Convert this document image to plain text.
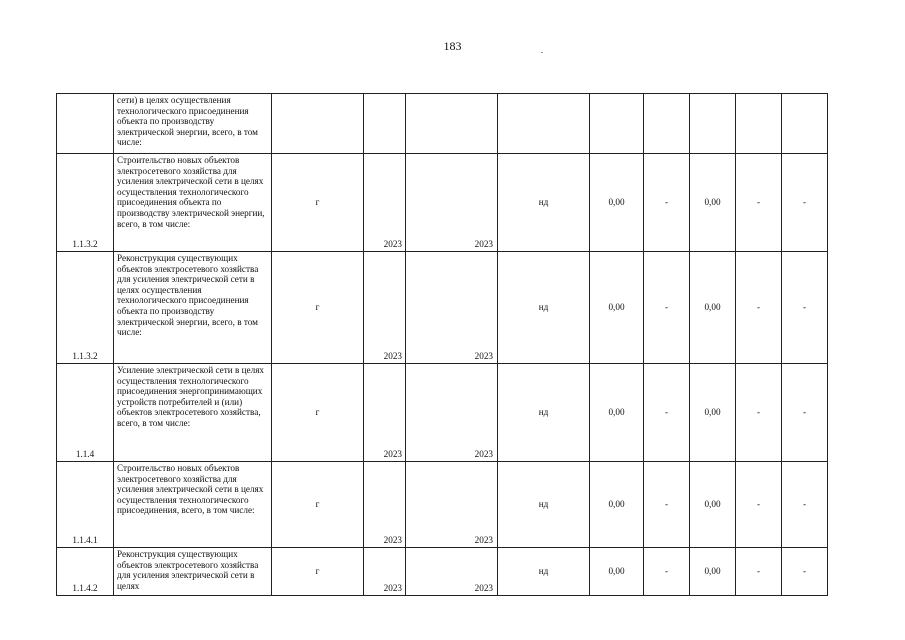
183
	сети) в целях осуществления технологического присоединения объекта по производству электрической энергии, всего, в том числе:									
1.1.3.2	Строительство новых объектов электросетевого хозяйства для усиления электрической сети в целях осуществления технологического присоединения объекта по производству электрической энергии, всего, в том числе:	г	2023	2023	нд	0,00	-	0,00	-	-
1.1.3.2	Реконструкция существующих объектов электросетевого хозяйства для усиления электрической сети в целях осуществления технологического присоединения объекта по производству электрической энергии, всего, в том числе:	г	2023	2023	нд	0,00	-	0,00	-	-
1.1.4	Усиление электрической сети в целях осуществления технологического присоединения энергопринимающих устройств потребителей и (или) объектов электросетевого хозяйства, всего, в том числе:	г	2023	2023	нд	0,00	-	0,00	-	-
1.1.4.1	Строительство новых объектов электросетевого хозяйства для усиления электрической сети в целях осуществления технологического присоединения, всего, в том числе:	г	2023	2023	нд	0,00	-	0,00	-	-
1.1.4.2	Реконструкция существующих объектов электросетевого хозяйства для усиления электрической сети в целях	г	2023	2023	нд	0,00	-	0,00	-	-
